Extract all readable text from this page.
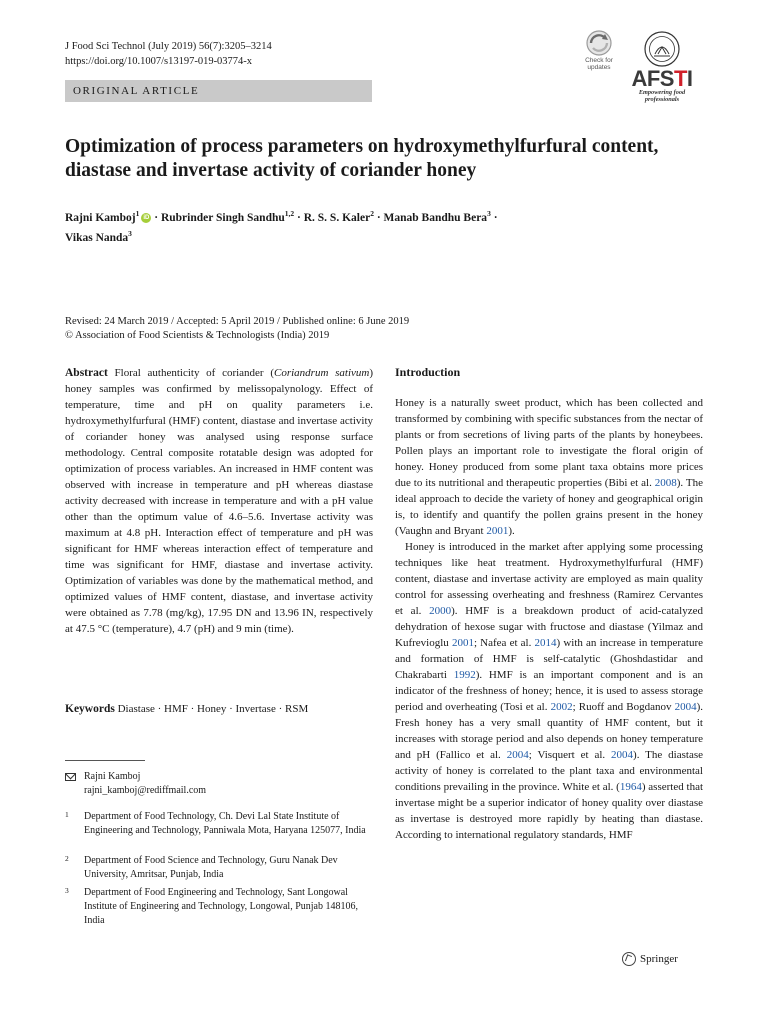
J Food Sci Technol (July 2019) 56(7):3205–3214
https://doi.org/10.1007/s13197-019-03774-x
ORIGINAL ARTICLE
Check for updates AFSTI
Empowering food professionals
Optimization of process parameters on hydroxymethylfurfural content, diastase and invertase activity of coriander honey
Rajni Kamboj$^1$iD · Rubrinder Singh Sandhu$^{1,2}$ · R. S. S. Kaler$^2$ · Manab Bandhu Bera$^3$ ·
Vikas Nanda$^3$
Revised: 24 March 2019 / Accepted: 5 April 2019 / Published online: 6 June 2019
© Association of Food Scientists & Technologists (India) 2019
Abstract Floral authenticity of coriander (Coriandrum sativum) honey samples was confirmed by melissopalynology. Effect of temperature, time and pH on quality parameters i.e. hydroxymethylfurfural (HMF) content, diastase and invertase activity of coriander honey was analysed using response surface methodology. Central composite rotatable design was adopted for optimization of process variables. An increased in HMF content was observed with increase in temperature and pH whereas diastase activity decreased with increase in temperature and with a pH value other than the optimum value of 4.6–5.6. Invertase activity was maximum at 4.8 pH. Interaction effect of temperature and pH was significant for HMF whereas interaction effect of temperature and time was significant for HMF, diastase and invertase activity. Optimization of variables was done by the mathematical method, and optimized values of HMF content, diastase, and invertase activity were obtained as 7.78 (mg/kg), 17.95 DN and 13.96 IN, respectively at 47.5 °C (temperature), 4.7 (pH) and 9 min (time).
Keywords Diastase · HMF · Honey · Invertase · RSM
Rajni Kamboj
rajni_kamboj@rediffmail.com
1 Department of Food Technology, Ch. Devi Lal State Institute of Engineering and Technology, Panniwala Mota, Haryana 125077, India
2 Department of Food Science and Technology, Guru Nanak Dev University, Amritsar, Punjab, India
3 Department of Food Engineering and Technology, Sant Longowal Institute of Engineering and Technology, Longowal, Punjab 148106, India
Introduction

Honey is a naturally sweet product, which has been collected and transformed by combining with specific substances from the nectar of plants or from secretions of living parts of the plants by honeybees. Pollen plays an important role to investigate the floral origin of honey. Honey produced from some plant taxa obtains more prices due to its nutritional and therapeutic properties (Bibi et al. 2008). The ideal approach to decide the variety of honey and geographical origin is, to identify and quantify the pollen grains present in the honey (Vaughn and Bryant 2001).

Honey is introduced in the market after applying some processing techniques like heat treatment. Hydroxymethylfurfural (HMF) content, diastase and invertase activity are employed as main quality control for assessing overheating and freshness (Ramirez Cervantes et al. 2000). HMF is a breakdown product of acid-catalyzed dehydration of hexose sugar with fructose and diastase (Yilmaz and Kufrevioglu 2001; Nafea et al. 2014) with an increase in temperature and formation of HMF is self-catalytic (Ghoshdastidar and Chakrabarti 1992). HMF is an important component and is an indicator of the freshness of honey; hence, it is used to assess storage period and overheating (Tosi et al. 2002; Ruoff and Bogdanov 2004). Fresh honey has a very small quantity of HMF content, but it increases with storage period and also depends on honey temperature and pH (Fallico et al. 2004; Visquert et al. 2004). The diastase activity of honey is correlated to the plant taxa and environmental conditions prevailing in the province. White et al. (1964) asserted that invertase might be a superior indicator of honey quality over diastase as invertase is destroyed more rapidly by heating than diastase. According to international regulatory standards, HMF

Springer
